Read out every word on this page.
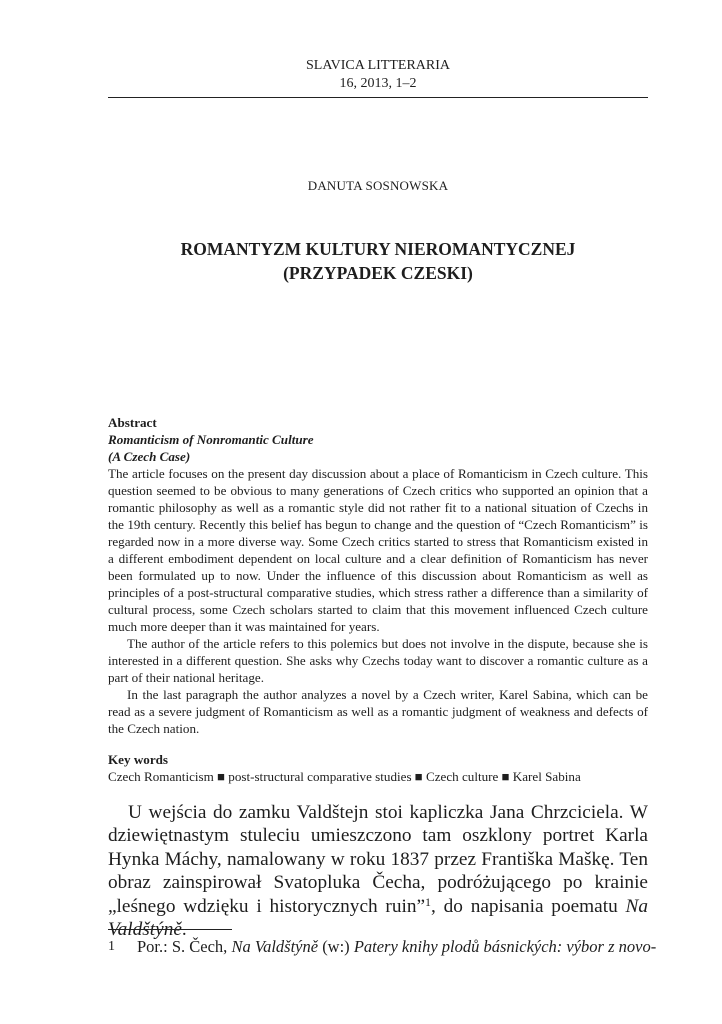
SLAVICA LITTERARIA
16, 2013, 1–2
DANUTA SOSNOWSKA
ROMANTYZM KULTURY NIEROMANTYCZNEJ
(PRZYPADEK CZESKI)
Abstract
Romanticism of Nonromantic Culture
(A Czech Case)

The article focuses on the present day discussion about a place of Romanticism in Czech culture. This question seemed to be obvious to many generations of Czech critics who supported an opinion that a romantic philosophy as well as a romantic style did not rather fit to a national situation of Czechs in the 19th century. Recently this belief has begun to change and the question of “Czech Romanticism” is regarded now in a more diverse way. Some Czech critics started to stress that Romanticism existed in a different embodiment dependent on local culture and a clear definition of Romanticism has never been formulated up to now. Under the influence of this discussion about Romanticism as well as principles of a post-structural comparative studies, which stress rather a difference than a similarity of cultural process, some Czech scholars started to claim that this movement influenced Czech culture much more deeper than it was maintained for years.

The author of the article refers to this polemics but does not involve in the dispute, because she is interested in a different question. She asks why Czechs today want to discover a romantic culture as a part of their national heritage.

In the last paragraph the author analyzes a novel by a Czech writer, Karel Sabina, which can be read as a severe judgment of Romanticism as well as a romantic judgment of weakness and defects of the Czech nation.

Key words
Czech Romanticism ■ post-structural comparative studies ■ Czech culture ■ Karel Sabina

U wejścia do zamku Valdštejn stoi kapliczka Jana Chrzciciela. W dziewiętnastym stuleciu umieszczono tam oszklony portret Karla Hynka Máchy, namalowany w roku 1837 przez Františka Maškę. Ten obraz zainspirował Svatopluka Čecha, podróżującego po krainie „leśnego wdzięku i historycznych ruin”$^1$, do napisania poematu Na Valdštýně.

1 Por.: S. Čech, Na Valdštýně (w:) Patery knihy plodů básnických: výbor z novo-
